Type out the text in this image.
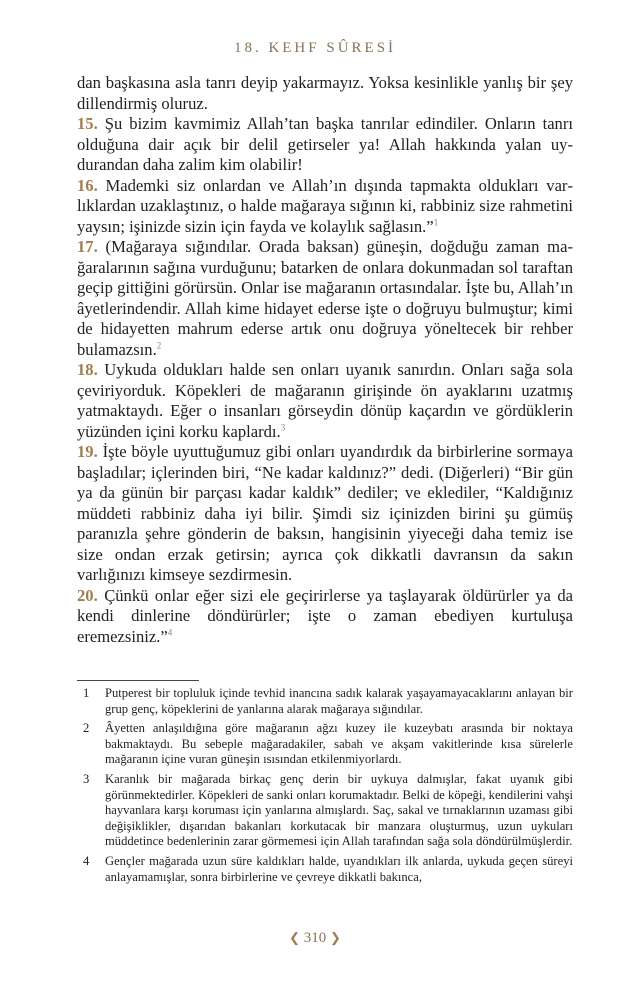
18. KEHF SÛRESİ

dan başkasına asla tanrı deyip yakarmayız. Yoksa kesinlikle yanlış bir şey dillendirmiş oluruz.

15. Şu bizim kavmimiz Allah’tan başka tanrılar edindiler. Onların tanrı olduğuna dair açık bir delil getirseler ya! Allah hakkında yalan uydurandan daha zalim kim olabilir!

16. Mademki siz onlardan ve Allah’ın dışında tapmakta oldukları varlıklardan uzaklaştınız, o halde mağaraya sığının ki, rabbiniz size rahmetini yaysın; işinizde sizin için fayda ve kolaylık sağlasın.”$^1$

17. (Mağaraya sığındılar. Orada baksan) güneşin, doğduğu zaman mağaralarının sağına vurduğunu; batarken de onlara dokunmadan sol taraftan geçip gittiğini görürsün. Onlar ise mağaranın ortasındalar. İşte bu, Allah’ın âyetlerindendir. Allah kime hidayet ederse işte o doğruyu bulmuştur; kimi de hidayetten mahrum ederse artık onu doğruya yöneltecek bir rehber bulamazsın.$^2$

18. Uykuda oldukları halde sen onları uyanık sanırdın. Onları sağa sola çeviriyorduk. Köpekleri de mağaranın girişinde ön ayaklarını uzatmış yatmaktaydı. Eğer o insanları görseydin dönüp kaçardın ve gördüklerin yüzünden içini korku kaplardı.$^3$

19. İşte böyle uyuttuğumuz gibi onları uyandırdık da birbirlerine sormaya başladılar; içlerinden biri, “Ne kadar kaldınız?” dedi. (Diğerleri) “Bir gün ya da günün bir parçası kadar kaldık” dediler; ve eklediler, “Kaldığınız müddeti rabbiniz daha iyi bilir. Şimdi siz içinizden birini şu gümüş paranızla şehre gönderin de baksın, hangisinin yiyeceği daha temiz ise size ondan erzak getirsin; ayrıca çok dikkatli davransın da sakın varlığınızı kimseye sezdirmesin.

20. Çünkü onlar eğer sizi ele geçirirlerse ya taşlayarak öldürürler ya da kendi dinlerine döndürürler; işte o zaman ebediyen kurtuluşa eremezsiniz.”$^4$

1	Putperest bir topluluk içinde tevhid inancına sadık kalarak yaşayamayacaklarını anlayan bir grup genç, köpeklerini de yanlarına alarak mağaraya sığındılar.
2	Âyetten anlaşıldığına göre mağaranın ağzı kuzey ile kuzeybatı arasında bir noktaya bakmaktaydı. Bu sebeple mağaradakiler, sabah ve akşam vakitlerinde kısa sürelerle mağaranın içine vuran güneşin ısısından etkilenmiyorlardı.
3	Karanlık bir mağarada birkaç genç derin bir uykuya dalmışlar, fakat uyanık gibi görünmektedirler. Köpekleri de sanki onları korumaktadır. Belki de köpeği, kendilerini vahşi hayvanlara karşı koruması için yanlarına almışlardı. Saç, sakal ve tırnaklarının uzaması gibi değişiklikler, dışarıdan bakanları korkutacak bir manzara oluşturmuş, uzun uykuları müddetince bedenlerinin zarar görmemesi için Allah tarafından sağa sola döndürülmüşlerdir.
4	Gençler mağarada uzun süre kaldıkları halde, uyandıkları ilk anlarda, uykuda geçen süreyi anlayamamışlar, sonra birbirlerine ve çevreye dikkatli bakınca,
❮ 310 ❯
